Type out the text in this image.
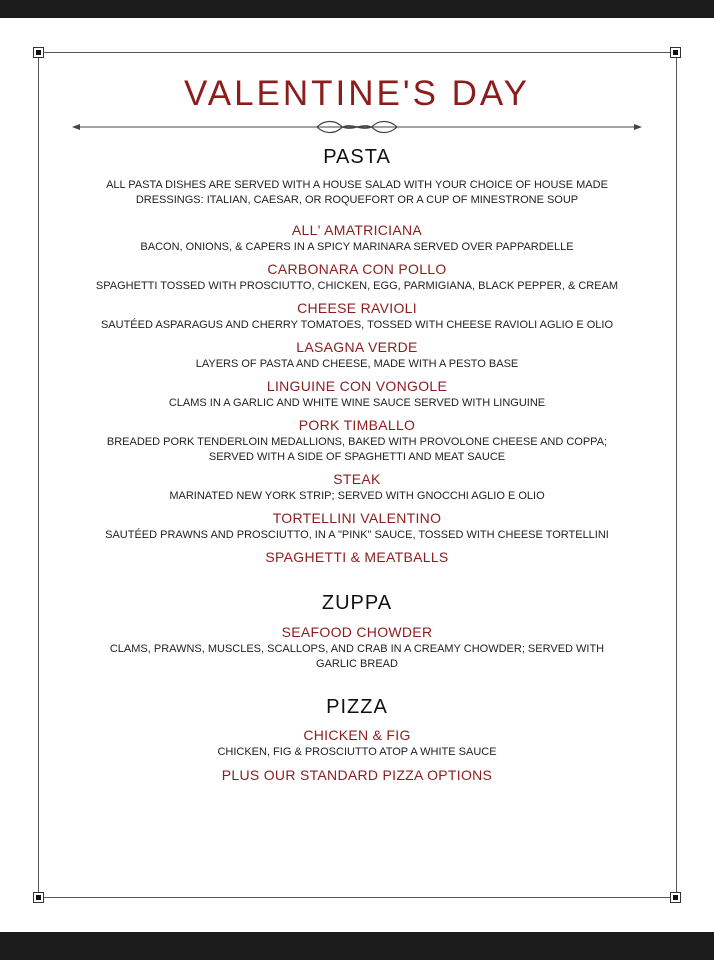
VALENTINE'S DAY
PASTA
ALL PASTA DISHES ARE SERVED WITH A HOUSE SALAD WITH YOUR CHOICE OF HOUSE MADE DRESSINGS: ITALIAN, CAESAR, OR ROQUEFORT OR A CUP OF MINESTRONE SOUP
ALL' AMATRICIANA
BACON, ONIONS, & CAPERS IN A SPICY MARINARA SERVED OVER PAPPARDELLE
CARBONARA CON POLLO
SPAGHETTI TOSSED WITH PROSCIUTTO, CHICKEN, EGG, PARMIGIANA, BLACK PEPPER, & CREAM
CHEESE RAVIOLI
SAUTÉED ASPARAGUS AND CHERRY TOMATOES, TOSSED WITH CHEESE RAVIOLI AGLIO E OLIO
LASAGNA VERDE
LAYERS OF PASTA AND CHEESE, MADE WITH A PESTO BASE
LINGUINE CON VONGOLE
CLAMS IN A GARLIC AND WHITE WINE SAUCE SERVED WITH LINGUINE
PORK TIMBALLO
BREADED PORK TENDERLOIN MEDALLIONS, BAKED WITH PROVOLONE CHEESE AND COPPA; SERVED WITH A SIDE OF SPAGHETTI AND MEAT SAUCE
STEAK
MARINATED NEW YORK STRIP; SERVED WITH GNOCCHI AGLIO E OLIO
TORTELLINI VALENTINO
SAUTÉED PRAWNS AND PROSCIUTTO, IN A "PINK" SAUCE, TOSSED WITH CHEESE TORTELLINI
SPAGHETTI & MEATBALLS
ZUPPA
SEAFOOD CHOWDER
CLAMS, PRAWNS, MUSCLES, SCALLOPS, AND CRAB IN A CREAMY CHOWDER; SERVED WITH GARLIC BREAD
PIZZA
CHICKEN & FIG
CHICKEN, FIG & PROSCIUTTO ATOP A WHITE SAUCE
PLUS OUR STANDARD PIZZA OPTIONS
